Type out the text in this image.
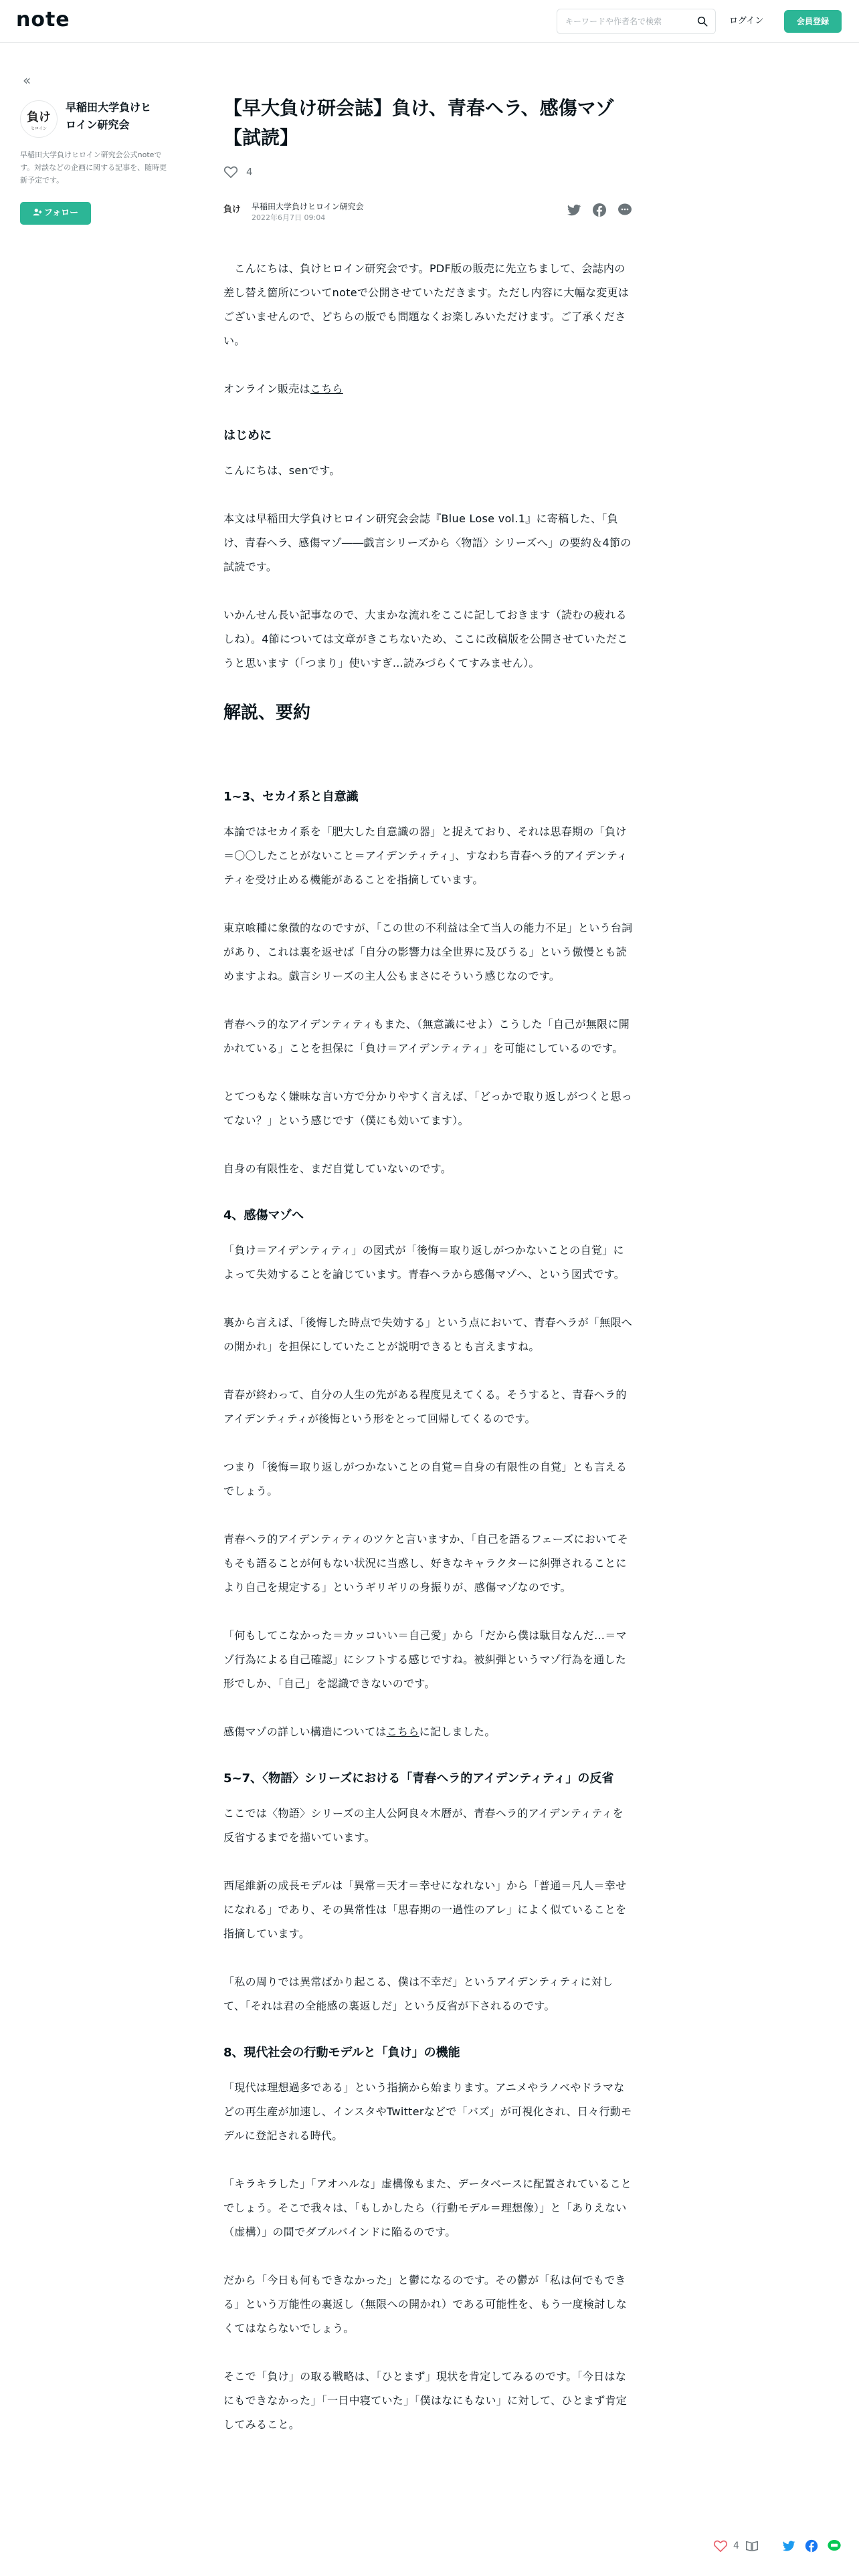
note
キーワードや作者名で検索	ログイン	会員登録
«
負け
ヒロイン
早稲田大学負けヒロイン研究会
早稲田大学負けヒロイン研究会公式noteです。対談などの企画に関する記事を、随時更新予定です。
フォロー
【早大負け研会誌】負け、青春ヘラ、感傷マゾ【試読】
4
負け	早稲田大学負けヒロイン研究会
2022年6月7日 09:04

　こんにちは、負けヒロイン研究会です。PDF版の販売に先立ちまして、会誌内の差し替え箇所についてnoteで公開させていただきます。ただし内容に大幅な変更はございませんので、どちらの版でも問題なくお楽しみいただけます。ご了承ください。

オンライン販売はこちら

はじめに

こんにちは、senです。

本文は早稲田大学負けヒロイン研究会会誌『Blue Lose vol.1』に寄稿した、「負け、青春ヘラ、感傷マゾ――戯言シリーズから〈物語〉シリーズへ」の要約＆4節の試読です。

いかんせん長い記事なので、大まかな流れをここに記しておきます（読むの疲れるしね）。4節については文章がきこちないため、ここに改稿版を公開させていただこうと思います（「つまり」使いすぎ…読みづらくてすみません）。

解説、要約
1~3、セカイ系と自意識

本論ではセカイ系を「肥大した自意識の器」と捉えており、それは思春期の「負け＝〇〇したことがないこと＝アイデンティティ」、すなわち青春ヘラ的アイデンティティを受け止める機能があることを指摘しています。

東京喰種に象徴的なのですが、「この世の不利益は全て当人の能力不足」という台詞があり、これは裏を返せば「自分の影響力は全世界に及びうる」という傲慢とも読めますよね。戯言シリーズの主人公もまさにそういう感じなのです。

青春ヘラ的なアイデンティティもまた、（無意識にせよ）こうした「自己が無限に開かれている」ことを担保に「負け＝アイデンティティ」を可能にしているのです。

とてつもなく嫌味な言い方で分かりやすく言えば、「どっかで取り返しがつくと思ってない？」という感じです（僕にも効いてます）。

自身の有限性を、まだ自覚していないのです。

4、感傷マゾへ

「負け＝アイデンティティ」の図式が「後悔＝取り返しがつかないことの自覚」によって失効することを論じています。青春ヘラから感傷マゾへ、という図式です。

裏から言えば、「後悔した時点で失効する」という点において、青春ヘラが「無限への開かれ」を担保にしていたことが説明できるとも言えますね。

青春が終わって、自分の人生の先がある程度見えてくる。そうすると、青春ヘラ的アイデンティティが後悔という形をとって回帰してくるのです。

つまり「後悔＝取り返しがつかないことの自覚＝自身の有限性の自覚」とも言えるでしょう。

青春ヘラ的アイデンティティのツケと言いますか、「自己を語るフェーズにおいてそもそも語ることが何もない状況に当惑し、好きなキャラクターに糾弾されることにより自己を規定する」というギリギリの身振りが、感傷マゾなのです。

「何もしてこなかった＝カッコいい＝自己愛」から「だから僕は駄目なんだ…＝マゾ行為による自己確認」にシフトする感じですね。被糾弾というマゾ行為を通した形でしか、「自己」を認識できないのです。

感傷マゾの詳しい構造についてはこちらに記しました。

5~7、〈物語〉シリーズにおける「青春ヘラ的アイデンティティ」の反省

ここでは〈物語〉シリーズの主人公阿良々木暦が、青春ヘラ的アイデンティティを反省するまでを描いています。

西尾維新の成長モデルは「異常＝天才＝幸せになれない」から「普通＝凡人＝幸せになれる」であり、その異常性は「思春期の一過性のアレ」によく似ていることを指摘しています。

「私の周りでは異常ばかり起こる、僕は不幸だ」というアイデンティティに対して、「それは君の全能感の裏返しだ」という反省が下されるのです。

8、現代社会の行動モデルと「負け」の機能

「現代は理想過多である」という指摘から始まります。アニメやラノベやドラマなどの再生産が加速し、インスタやTwitterなどで「バズ」が可視化され、日々行動モデルに登記される時代。

「キラキラした」「アオハルな」虚構像もまた、データベースに配置されていることでしょう。そこで我々は、「もしかしたら（行動モデル＝理想像）」と「ありえない（虚構）」の間でダブルバインドに陥るのです。

だから「今日も何もできなかった」と鬱になるのです。その鬱が「私は何でもできる」という万能性の裏返し（無限への開かれ）である可能性を、もう一度検討しなくてはならないでしょう。

そこで「負け」の取る戦略は、「ひとまず」現状を肯定してみるのです。「今日はなにもできなかった」「一日中寝ていた」「僕はなにもない」に対して、ひとまず肯定してみること。

4
